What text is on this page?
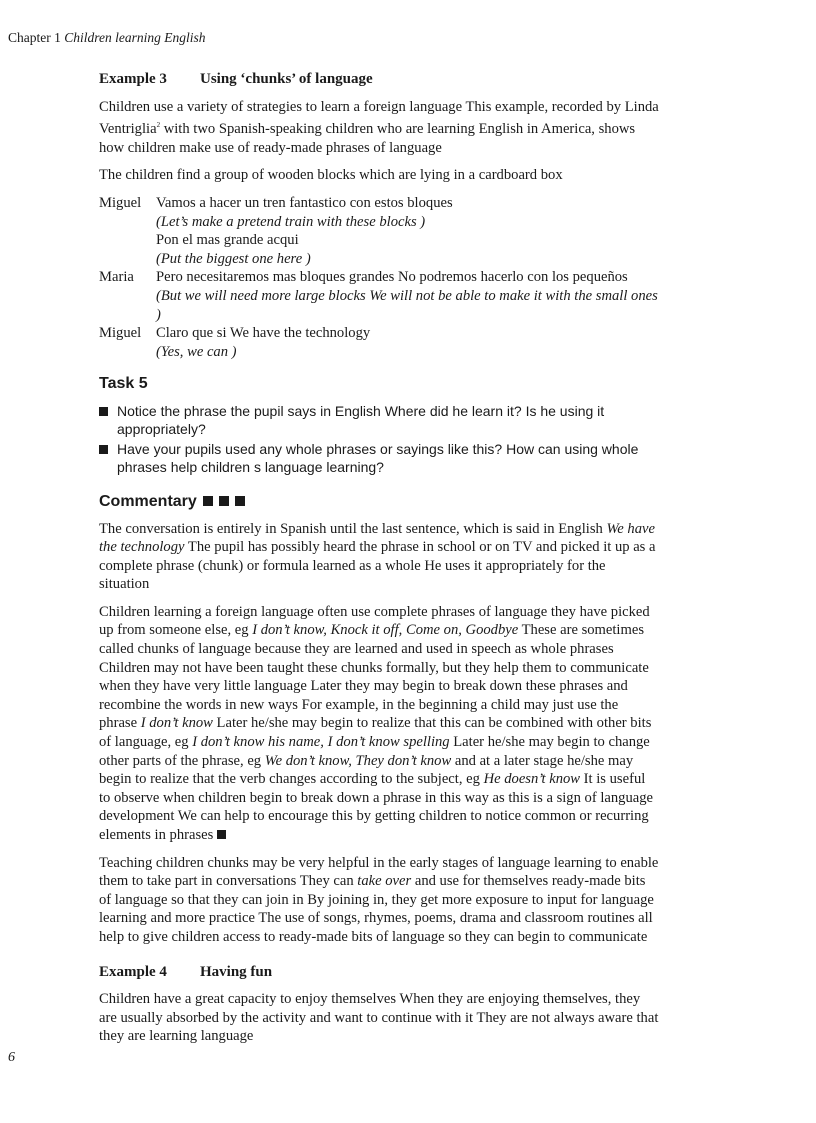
Chapter 1 Children learning English
Example 3 Using ‘chunks’ of language

Children use a variety of strategies to learn a foreign language This example, recorded by Linda Ventriglia$^2$ with two Spanish-speaking children who are learning English in America, shows how children make use of ready-made phrases of language

The children find a group of wooden blocks which are lying in a cardboard box

Miguel	Vamos a hacer un tren fantastico con estos bloques
(Let’s make a pretend train with these blocks )
Pon el mas grande acqui
(Put the biggest one here )
Maria	Pero necesitaremos mas bloques grandes No podremos hacerlo con los pequeños
(But we will need more large blocks We will not be able to make it with the small ones )
Miguel	Claro que si We have the technology
(Yes, we can )
Task 5
Notice the phrase the pupil says in English Where did he learn it? Is he using it appropriately?
Have your pupils used any whole phrases or sayings like this? How can using whole phrases help children s language learning?
Commentary

The conversation is entirely in Spanish until the last sentence, which is said in English We have the technology The pupil has possibly heard the phrase in school or on TV and picked it up as a complete phrase (chunk) or formula learned as a whole He uses it appropriately for the situation

Children learning a foreign language often use complete phrases of language they have picked up from someone else, eg I don’t know, Knock it off, Come on, Goodbye These are sometimes called chunks of language because they are learned and used in speech as whole phrases Children may not have been taught these chunks formally, but they help them to communicate when they have very little language Later they may begin to break down these phrases and recombine the words in new ways For example, in the beginning a child may just use the phrase I don’t know Later he/she may begin to realize that this can be combined with other bits of language, eg I don’t know his name, I don’t know spelling Later he/she may begin to change other parts of the phrase, eg We don’t know, They don’t know and at a later stage he/she may begin to realize that the verb changes according to the subject, eg He doesn’t know It is useful to observe when children begin to break down a phrase in this way as this is a sign of language development We can help to encourage this by getting children to notice common or recurring elements in phrases

Teaching children chunks may be very helpful in the early stages of language learning to enable them to take part in conversations They can take over and use for themselves ready-made bits of language so that they can join in By joining in, they get more exposure to input for language learning and more practice The use of songs, rhymes, poems, drama and classroom routines all help to give children access to ready-made bits of language so they can begin to communicate

Example 4 Having fun

Children have a great capacity to enjoy themselves When they are enjoying themselves, they are usually absorbed by the activity and want to continue with it They are not always aware that they are learning language

6
